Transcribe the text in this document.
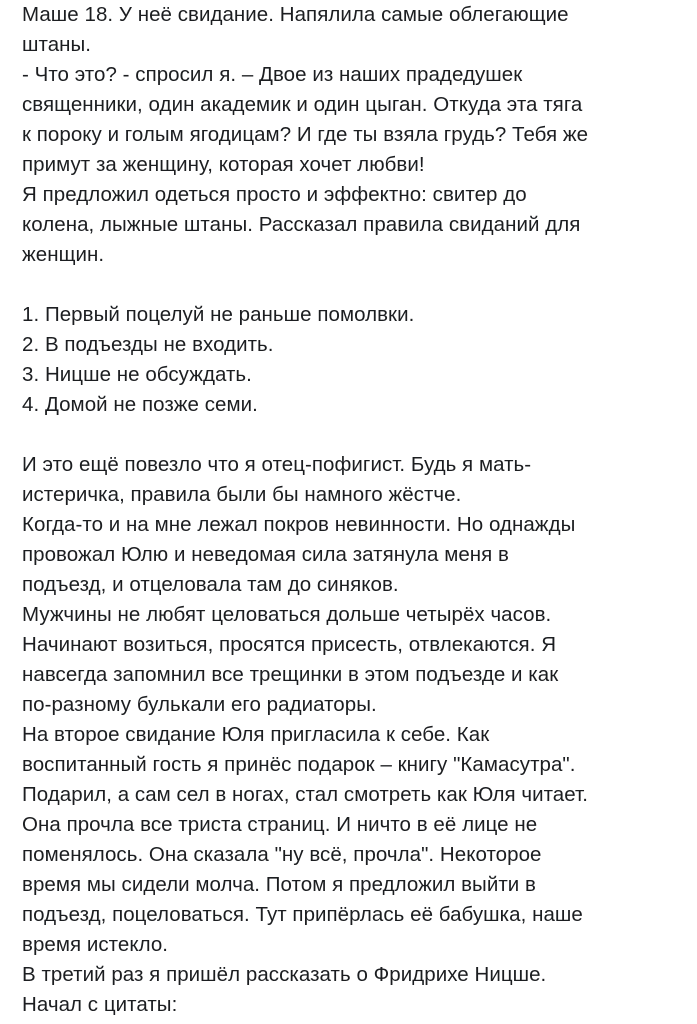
Маше 18. У неё свидание. Напялила самые облегающие
штаны.
- Что это? - спросил я. – Двое из наших прадедушек
священники, один академик и один цыган. Откуда эта тяга
к пороку и голым ягодицам? И где ты взяла грудь? Тебя же
примут за женщину, которая хочет любви!
Я предложил одеться просто и эффектно: свитер до
колена, лыжные штаны. Рассказал правила свиданий для
женщин.
1. Первый поцелуй не раньше помолвки.
2. В подъезды не входить.
3. Ницше не обсуждать.
4. Домой не позже семи.
И это ещё повезло что я отец-пофигист. Будь я мать-
истеричка, правила были бы намного жёстче.
Когда-то и на мне лежал покров невинности. Но однажды
провожал Юлю и неведомая сила затянула меня в
подъезд, и отцеловала там до синяков.
Мужчины не любят целоваться дольше четырёх часов.
Начинают возиться, просятся присесть, отвлекаются. Я
навсегда запомнил все трещинки в этом подъезде и как
по-разному булькали его радиаторы.
На второе свидание Юля пригласила к себе. Как
воспитанный гость я принёс подарок – книгу "Камасутра".
Подарил, а сам сел в ногах, стал смотреть как Юля читает.
Она прочла все триста страниц. И ничто в её лице не
поменялось. Она сказала "ну всё, прочла". Некоторое
время мы сидели молча. Потом я предложил выйти в
подъезд, поцеловаться. Тут припёрлась её бабушка, наше
время истекло.
В третий раз я пришёл рассказать о Фридрихе Ницше.
Начал с цитаты:
